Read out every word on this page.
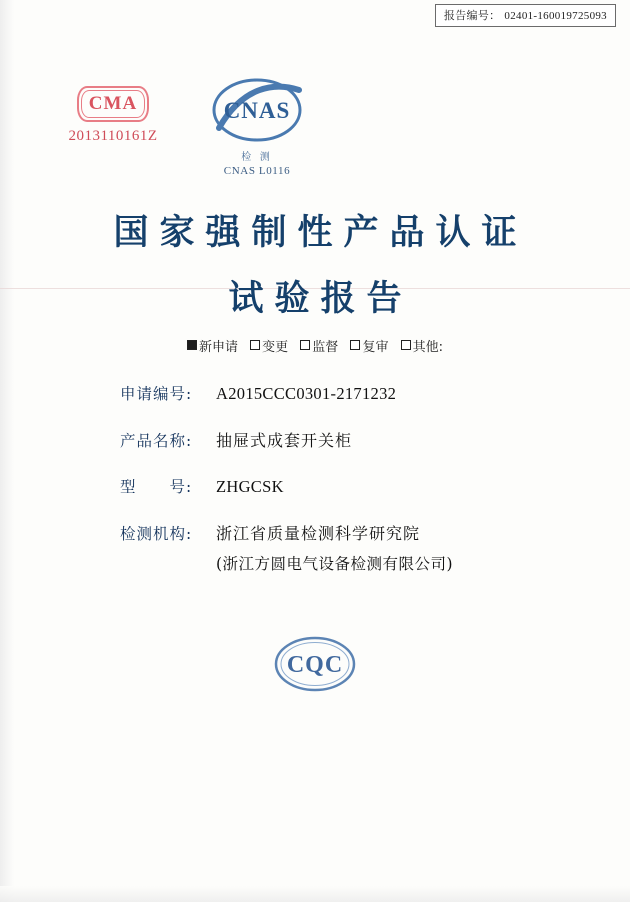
报告编号： 02401-160019725093
CMA
2013110161Z
CNAS
检 测
CNAS L0116
国家强制性产品认证
试验报告
新申请 变更 监督 复审 其他:
申请编号:	A2015CCC0301-2171232
产品名称:	抽屉式成套开关柜
型　　号:	ZHGCSK
检测机构:	浙江省质量检测科学研究院
(浙江方圆电气设备检测有限公司)
CQC
